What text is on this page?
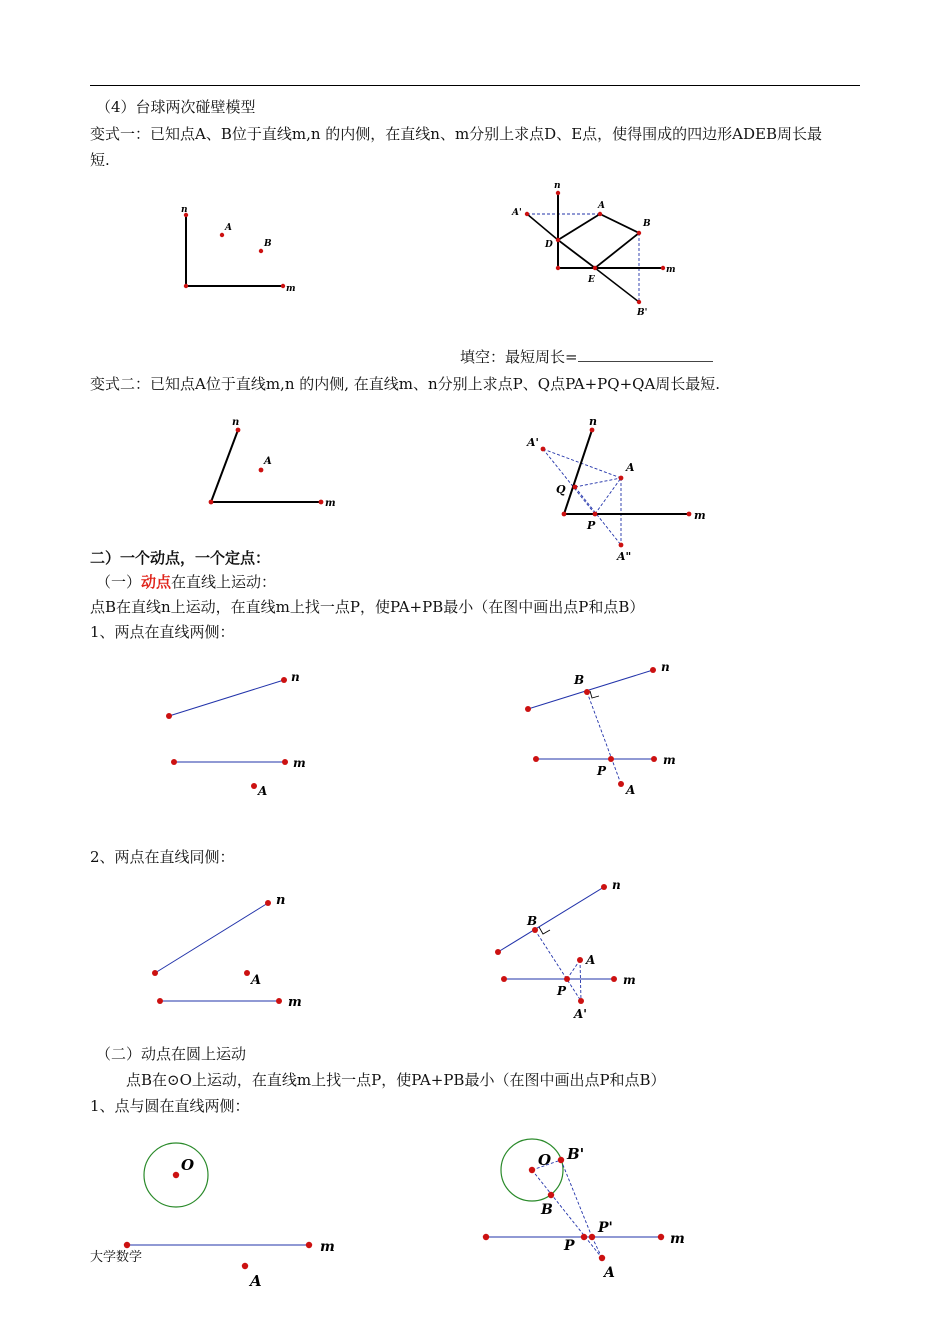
（4）台球两次碰壁模型
变式一：已知点A、B位于直线m,n 的内侧，在直线n、m分别上求点D、E点，使得围成的四边形ADEB周长最
短.
填空：最短周长=
变式二：已知点A位于直线m,n 的内侧, 在直线m、n分别上求点P、Q点PA+PQ+QA周长最短.
二）一个动点，一个定点：
（一）动点在直线上运动：
点B在直线n上运动，在直线m上找一点P，使PA+PB最小（在图中画出点P和点B）
1、两点在直线两侧：
2、两点在直线同侧：
（二）动点在圆上运动
点B在⊙O上运动，在直线m上找一点P，使PA+PB最小（在图中画出点P和点B）
1、点与圆在直线两侧：
大学数学
n
m
A
B
n
m
A'
A
B
D
E
B'
n
m
A
n
m
A'
A
Q
P
A"
n
m
A
n
B
m
P
A
n
A
m
n
B
A
m
P
A'
O
m
A
O B'
B
P'
P	m
A
